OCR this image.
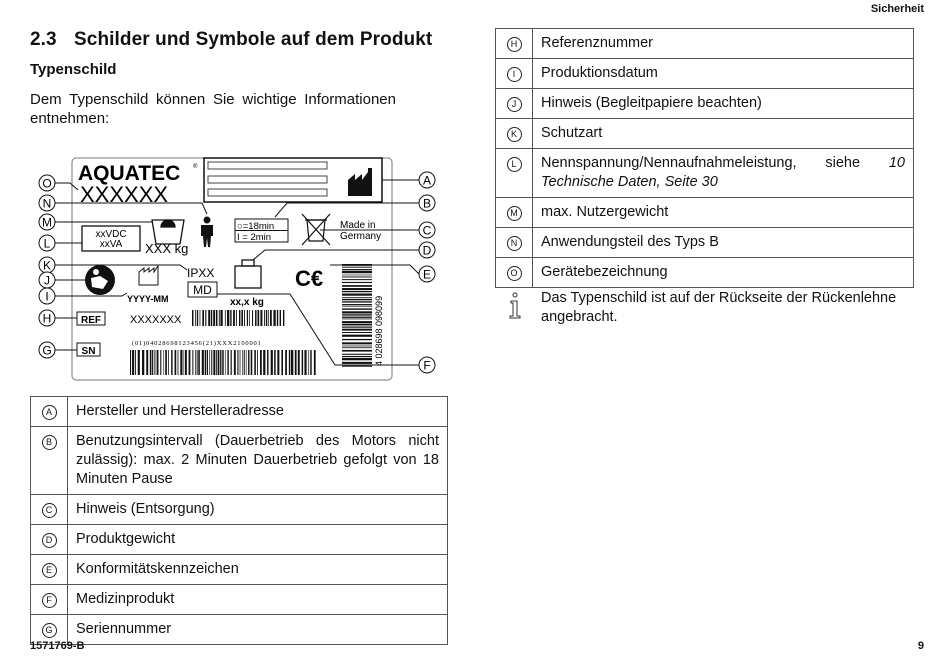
Sicherheit
2.3 Schilder und Symbole auf dem Produkt
Typenschild
Dem Typenschild können Sie wichtige Informationen entnehmen:
AQUATEC ®
XXXXXX
XXX kg
xxVDC
xxVA
○=18min
I = 2min
Made in
Germany
xx,x kg
C€
IPXX
MD
YYYY-MM
REF	XXXXXXX
SN
(01)04028698123456(21)XXX2100001	4 028698 098099
O
N
M
L
K
J
I
H
G
A
B
C
D
E
F
A	Hersteller und Herstelleradresse
B	Benutzungsintervall (Dauerbetrieb des Motors nicht zulässig): max. 2 Minuten Dauerbetrieb gefolgt von 18 Minuten Pause
C	Hinweis (Entsorgung)
D	Produktgewicht
E	Konformitätskennzeichen
F	Medizinprodukt
G	Seriennummer
H	Referenznummer
I	Produktionsdatum
J	Hinweis (Begleitpapiere beachten)
K	Schutzart
L	Nennspannung/Nennaufnahmeleistung, siehe 10 Technische Daten, Seite 30
M	max. Nutzergewicht
N	Anwendungsteil des Typs B
O	Gerätebezeichnung
Das Typenschild ist auf der Rückseite der Rückenlehne angebracht.
1571769-B	9
